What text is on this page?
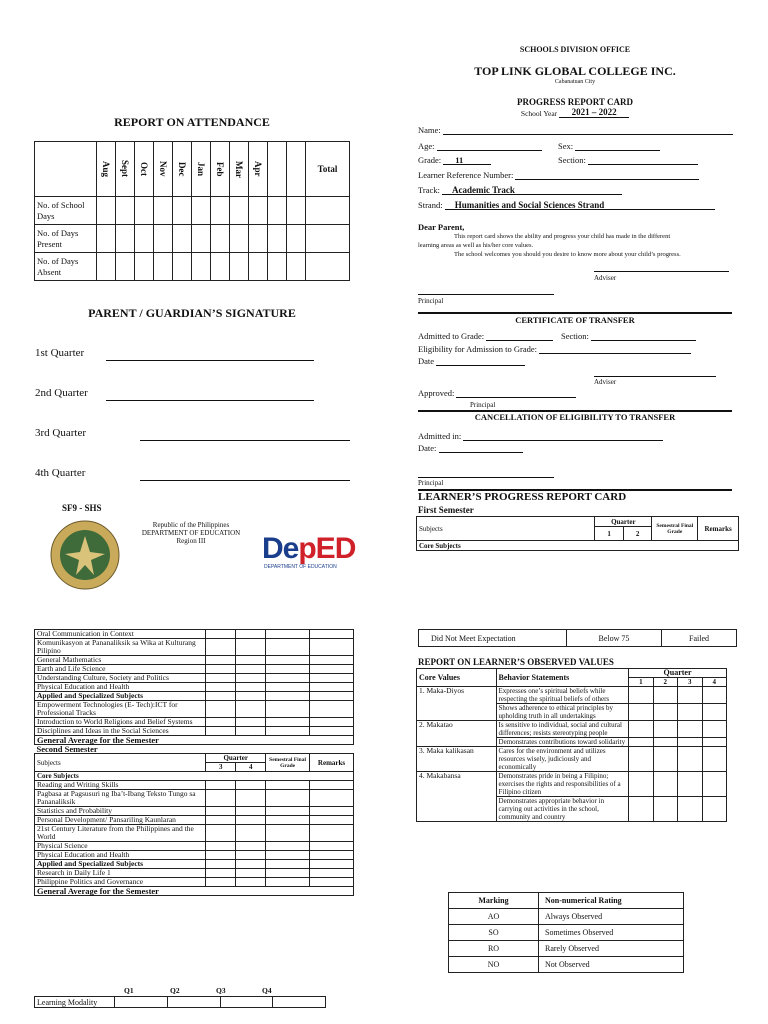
REPORT ON ATTENDANCE

	Aug	Sept	Oct	Nov	Dec	Jan	Feb	Mar	Apr			Total
No. of School Days												
No. of Days Present												
No. of Days Absent												
PARENT / GUARDIAN’S SIGNATURE
1st Quarter
2nd Quarter
3rd Quarter
4th Quarter
SF9 - SHS
Republic of the Philippines
DEPARTMENT OF EDUCATION
Region III	DepED
DEPARTMENT OF EDUCATION
SCHOOLS DIVISION OFFICE
TOP LINK GLOBAL COLLEGE INC.
Cabanatuan City
PROGRESS REPORT CARD
School Year 2021 – 2022
Name:
Age:	Sex:
Grade: 11	Section:
Learner Reference Number:
Track: Academic Track
Strand: Humanities and Social Sciences Strand
Dear Parent,
This report card shows the ability and progress your child has made in the different
learning areas as well as his/her core values.
The school welcomes you should you desire to know more about your child’s progress.
Adviser
Principal
CERTIFICATE OF TRANSFER
Admitted to Grade:	Section:
Eligibility for Admission to Grade:
Date
Adviser
Approved:
Principal
CANCELLATION OF ELIGIBILITY TO TRANSFER
Admitted in:
Date:
Principal
LEARNER’S PROGRESS REPORT CARD
First Semester
Subjects	Quarter		Semestral Final Grade	Remarks
	1	2		
Core Subjects				
Oral Communication in Context				
Komunikasyon at Pananaliksik sa Wika at Kulturang Pilipino				
General Mathematics				
Earth and Life Science				
Understanding Culture, Society and Politics				
Physical Education and Health				
Applied and Specialized Subjects				
Empowerment Technologies (E- Tech):ICT for Professional Tracks				
Introduction to World Religions and Belief Systems				
Disciplines and Ideas in the Social Sciences				
General Average for the Semester				
Second Semester				
Subjects	Quarter		Semestral Final Grade	Remarks
	3	4		
Core Subjects				
Reading and Writing Skills				
Pagbasa at Pagsusuri ng Iba’t-Ibang Teksto Tungo sa Pananaliksik				
Statistics and Probability				
Personal Development/ Pansariling Kaunlaran				
21st Century Literature from the Philippines and the World				
Physical Science				
Physical Education and Health				
Applied and Specialized Subjects				
Research in Daily Life 1				
Philippine Politics and Governance				
General Average for the Semester				
Did Not Meet Expectation	Below 75	Failed
REPORT ON LEARNER’S OBSERVED VALUES
Core Values	Behavior Statements	Quarter			
		1	2	3	4
1. Maka-Diyos	Expresses one’s spiritual beliefs while respecting the spiritual beliefs of others				
	Shows adherence to ethical principles by upholding truth in all undertakings				
2. Makatao	Is sensitive to individual, social and cultural differences; resists stereotyping people				
	Demonstrates contributions toward solidarity				
3. Maka kalikasan	Cares for the environment and utilizes resources wisely, judiciously and economically				
4. Makabansa	Demonstrates pride in being a Filipino; exercises the rights and responsibilities of a Filipino citizen				
	Demonstrates appropriate behavior in carrying out activities in the school, community and country				
Marking	Non-numerical Rating
AO	Always Observed
SO	Sometimes Observed
RO	Rarely Observed
NO	Not Observed
Q1	Q2	Q3	Q4
Learning Modality				
